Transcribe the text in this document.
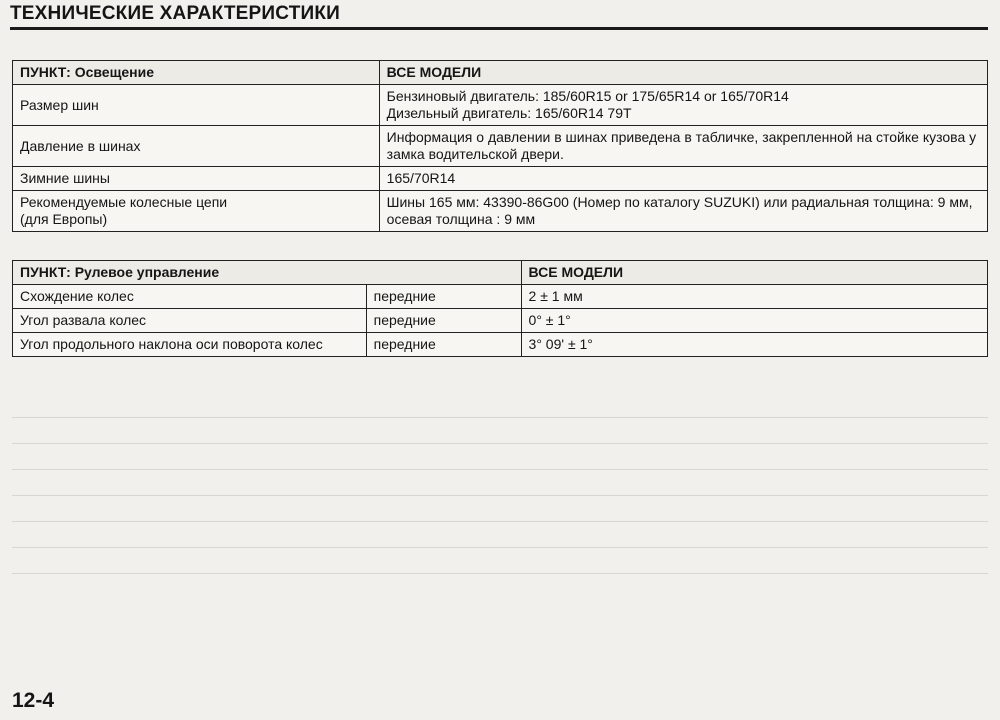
ТЕХНИЧЕСКИЕ ХАРАКТЕРИСТИКИ
ПУНКТ: Освещение	ВСЕ МОДЕЛИ
Размер шин	Бензиновый двигатель: 185/60R15 or 175/65R14 or 165/70R14
Дизельный двигатель: 165/60R14 79T

Давление в шинах	Информация о давлении в шинах приведена в табличке, закрепленной на стойке кузова у замка водительской двери.
Зимние шины	165/70R14

Рекомендуемые колесные цепи
(для Европы)	Шины 165 мм: 43390-86G00 (Номер по каталогу SUZUKI) или радиальная толщина: 9 мм, осевая толщина : 9 мм
ПУНКТ: Рулевое управление		ВСЕ МОДЕЛИ
Схождение колес	передние	2 ± 1 мм
Угол развала колес	передние	0° ± 1°
Угол продольного наклона оси поворота колес	передние	3° 09' ± 1°
12-4
